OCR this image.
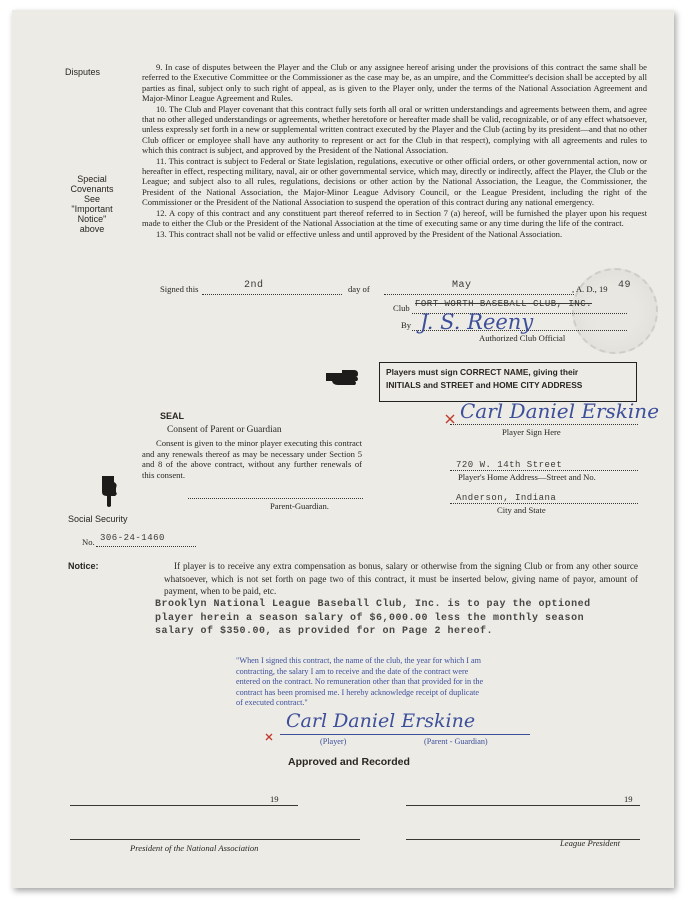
Disputes
Special
Covenants
See
"Important
Notice"
above

9. In case of disputes between the Player and the Club or any assignee hereof arising under the provisions of this contract the same shall be referred to the Executive Committee or the Commissioner as the case may be, as an umpire, and the Committee's decision shall be accepted by all parties as final, subject only to such right of appeal, as is given to the Player only, under the terms of the National Association Agreement and Major-Minor League Agreement and Rules.

10. The Club and Player covenant that this contract fully sets forth all oral or written understandings and agreements between them, and agree that no other alleged understandings or agreements, whether heretofore or hereafter made shall be valid, recognizable, or of any effect whatsoever, unless expressly set forth in a new or supplemental written contract executed by the Player and the Club (acting by its president—and that no other Club officer or employee shall have any authority to represent or act for the Club in that respect), complying with all agreements and rules to which this contract is subject, and approved by the President of the National Association.

11. This contract is subject to Federal or State legislation, regulations, executive or other official orders, or other governmental action, now or hereafter in effect, respecting military, naval, air or other governmental service, which may, directly or indirectly, affect the Player, the Club or the League; and subject also to all rules, regulations, decisions or other action by the National Association, the League, the Commissioner, the President of the National Association, the Major-Minor League Advisory Council, or the League President, including the right of the Commissioner or the President of the National Association to suspend the operation of this contract during any national emergency.

12. A copy of this contract and any constituent part thereof referred to in Section 7 (a) hereof, will be furnished the player upon his request made to either the Club or the President of the National Association at the time of executing same or any time during the life of the contract.

13. This contract shall not be valid or effective unless and until approved by the President of the National Association.

Signed this	2nd	day of	May	, A. D., 19 49
Club FORT WORTH BASEBALL CLUB, INC.
By J. S. Reeny
Authorized Club Official
Players must sign CORRECT NAME, giving their
INITIALS and STREET and HOME CITY ADDRESS
SEAL
Consent of Parent or Guardian
Consent is given to the minor player executing this contract and any renewals thereof as may be necessary under Section 5 and 8 of the above contract, without any further renewals of this consent.
Parent-Guardian.
Carl Daniel Erskine
Player Sign Here
720 W. 14th Street
Player's Home Address—Street and No.
Anderson, Indiana
City and State
Social Security
No. 306-24-1460
Notice:	If player is to receive any extra compensation as bonus, salary or otherwise from the signing Club or from any other source whatsoever, which is not set forth on page two of this contract, it must be inserted below, giving name of payor, amount of payment, when to be paid, etc.
Brooklyn National League Baseball Club, Inc. is to pay the optioned
player herein a season salary of $6,000.00 less the monthly season
salary of $350.00, as provided for on Page 2 hereof.
"When I signed this contract, the name of the club, the year for which I am
contracting, the salary I am to receive and the date of the contract were
entered on the contract. No remuneration other than that provided for in the
contract has been promised me. I hereby acknowledge receipt of duplicate
of executed contract."
Carl Daniel Erskine
(Player)	(Parent - Guardian)
Approved and Recorded
19	19
President of the National Association	League President
